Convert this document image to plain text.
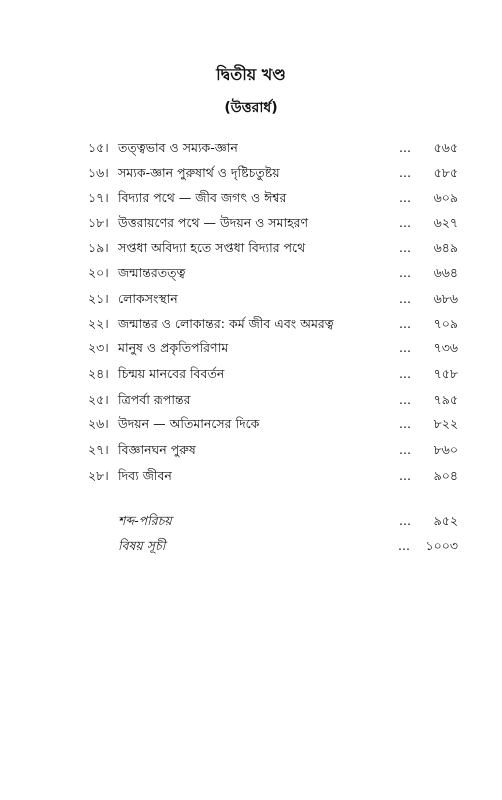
দ্বিতীয় খণ্ড
(উত্তরার্ধ)
১৫। তত্ত্বভাব ও সম্যক-জ্ঞান	...	৫৬৫
১৬। সম্যক-জ্ঞান পুরুষার্থ ও দৃষ্টিচতুষ্টয়	...	৫৮৫
১৭। বিদ্যার পথে — জীব জগৎ ও ঈশ্বর	...	৬০৯
১৮। উত্তরায়ণের পথে — উদয়ন ও সমাহরণ	...	৬২৭
১৯। সপ্তধা অবিদ্যা হতে সপ্তধা বিদ্যার পথে	...	৬৪৯
২০। জন্মান্তরতত্ত্ব	...	৬৬৪
২১। লোকসংস্থান	...	৬৮৬
২২। জন্মান্তর ও লোকান্তর: কর্ম জীব এবং অমরত্ব	...	৭০৯
২৩। মানুষ ও প্রকৃতিপরিণাম	...	৭৩৬
২৪। চিন্ময় মানবের বিবর্তন	...	৭৫৮
২৫। ত্রিপর্বা রূপান্তর	...	৭৯৫
২৬। উদয়ন — অতিমানসের দিকে	...	৮২২
২৭। বিজ্ঞানঘন পুরুষ	...	৮৬০
২৮। দিব্য জীবন	...	৯০৪
শব্দ-পরিচয়	...	৯৫২
বিষয় সূচী	... ১০০৩
